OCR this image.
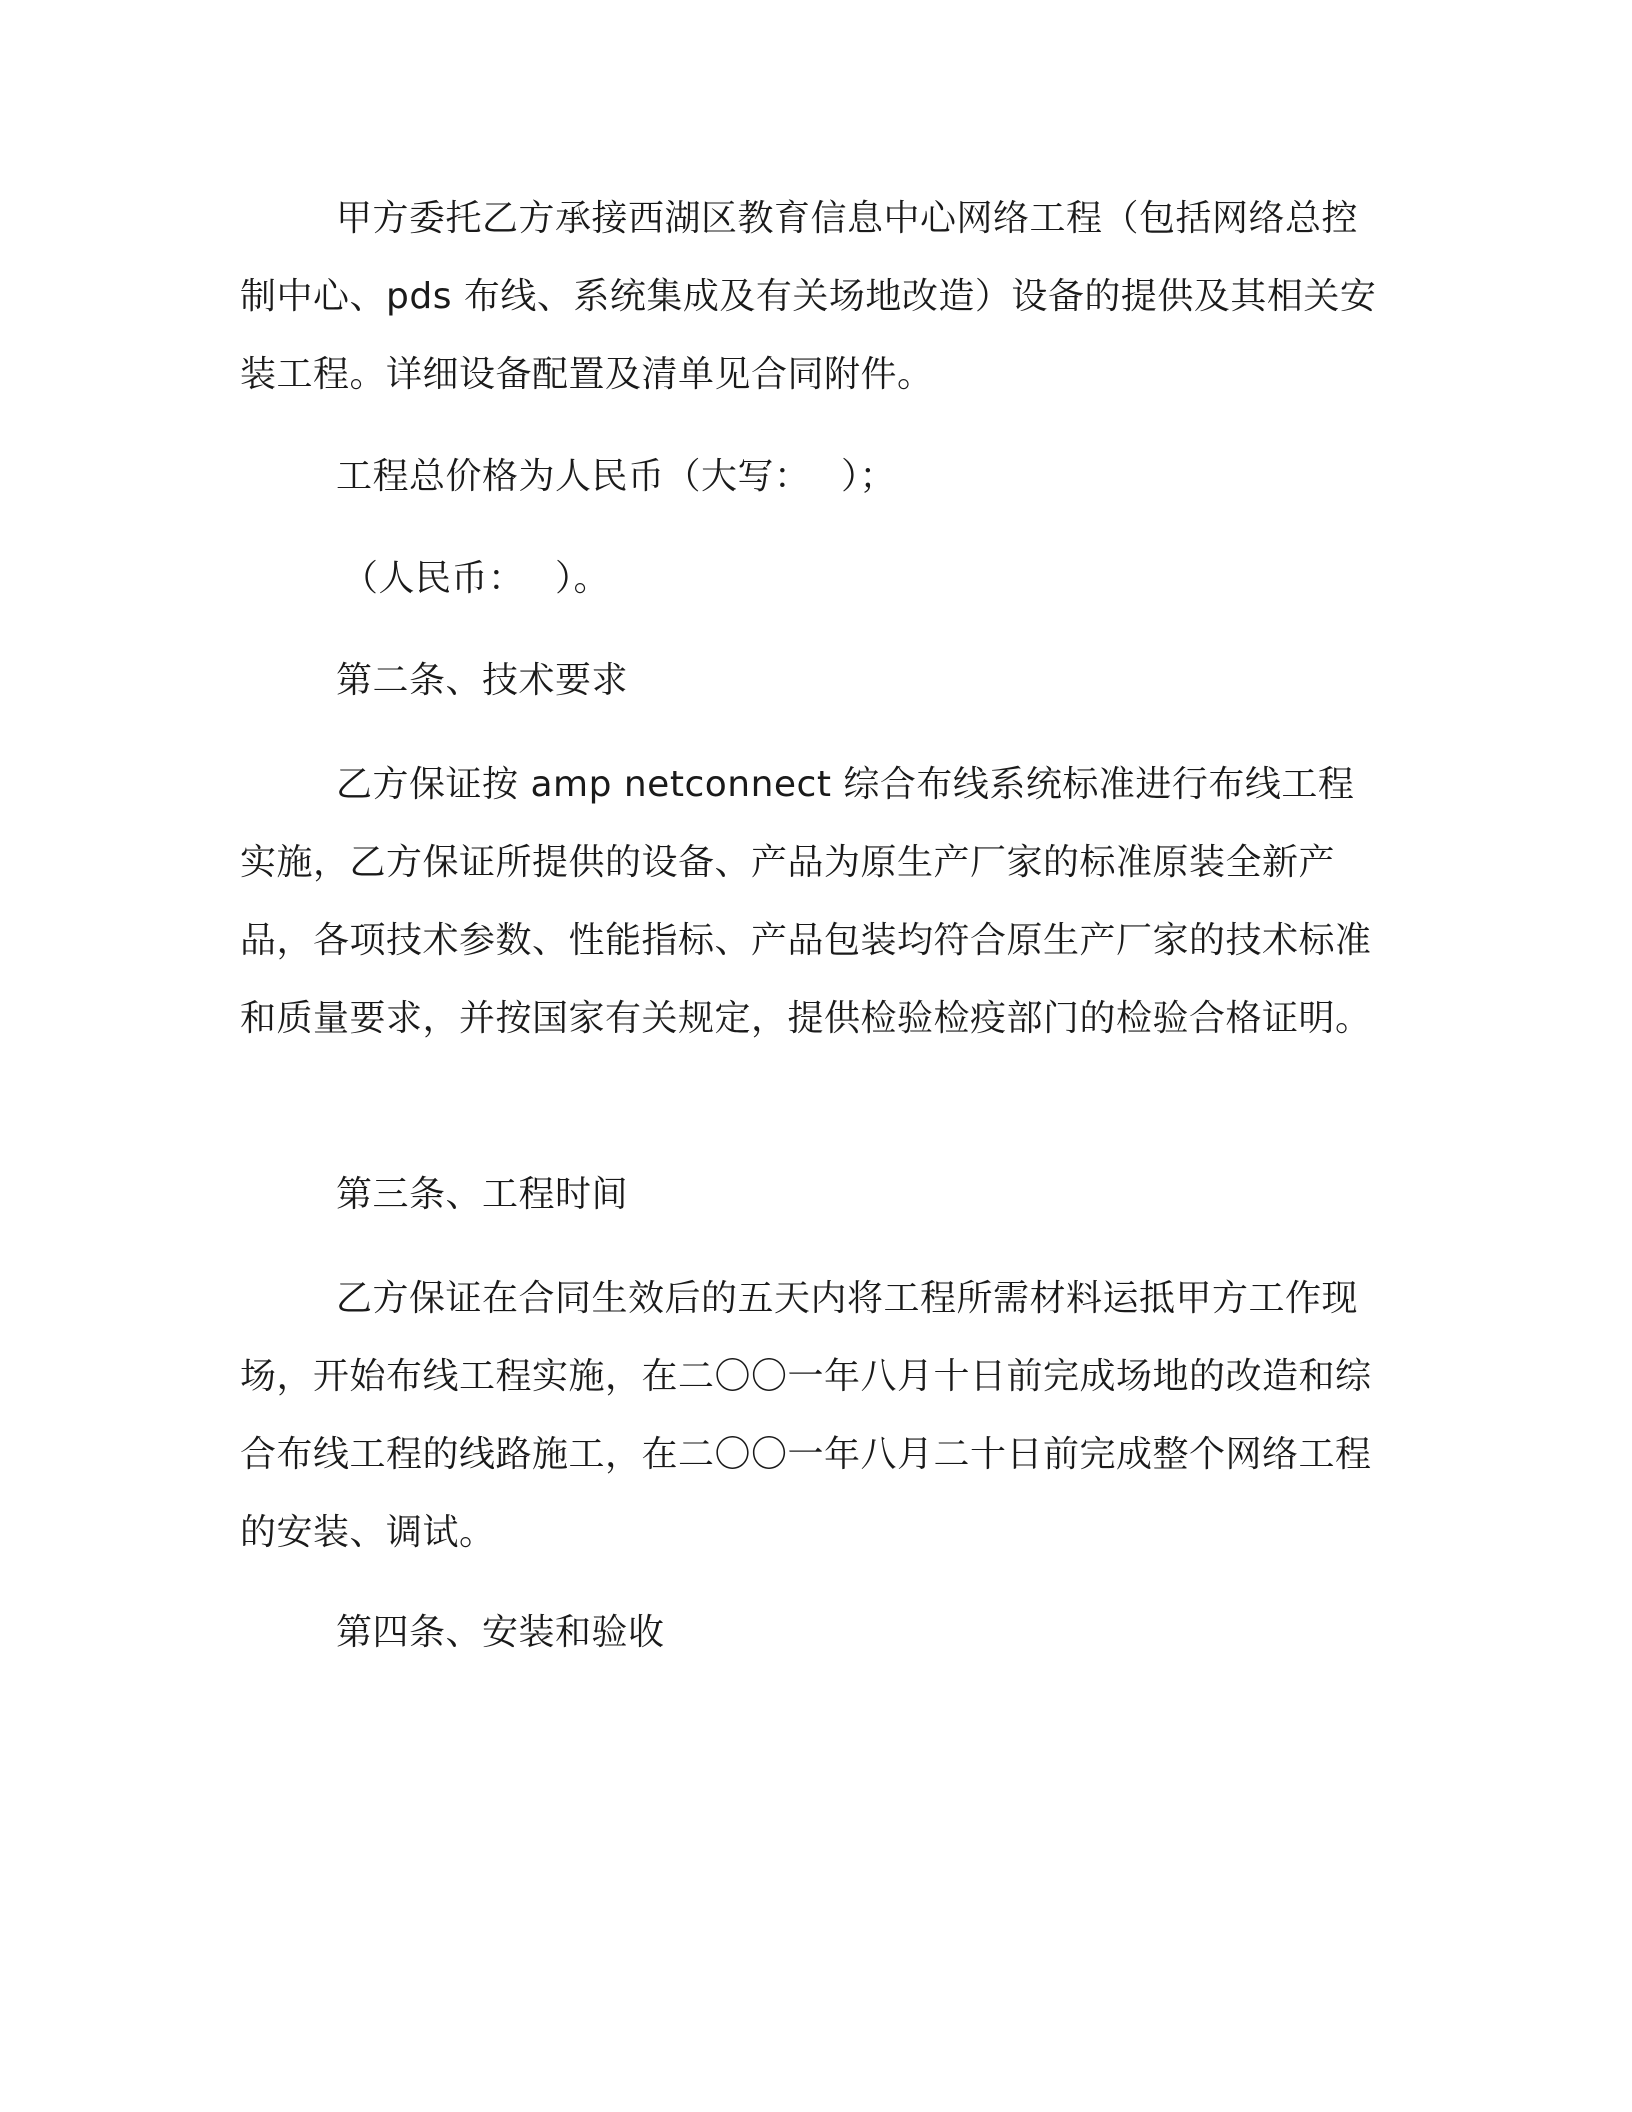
甲方委托乙方承接西湖区教育信息中心网络工程（包括网络总控制中心、pds 布线、系统集成及有关场地改造）设备的提供及其相关安装工程。详细设备配置及清单见合同附件。

工程总价格为人民币（大写：　 ）；

（人民币：　 ）。

第二条、技术要求

乙方保证按 amp netconnect 综合布线系统标准进行布线工程实施，乙方保证所提供的设备、产品为原生产厂家的标准原装全新产品，各项技术参数、性能指标、产品包装均符合原生产厂家的技术标准和质量要求，并按国家有关规定，提供检验检疫部门的检验合格证明。

第三条、工程时间

乙方保证在合同生效后的五天内将工程所需材料运抵甲方工作现场，开始布线工程实施，在二〇〇一年八月十日前完成场地的改造和综合布线工程的线路施工，在二〇〇一年八月二十日前完成整个网络工程的安装、调试。

第四条、安装和验收
